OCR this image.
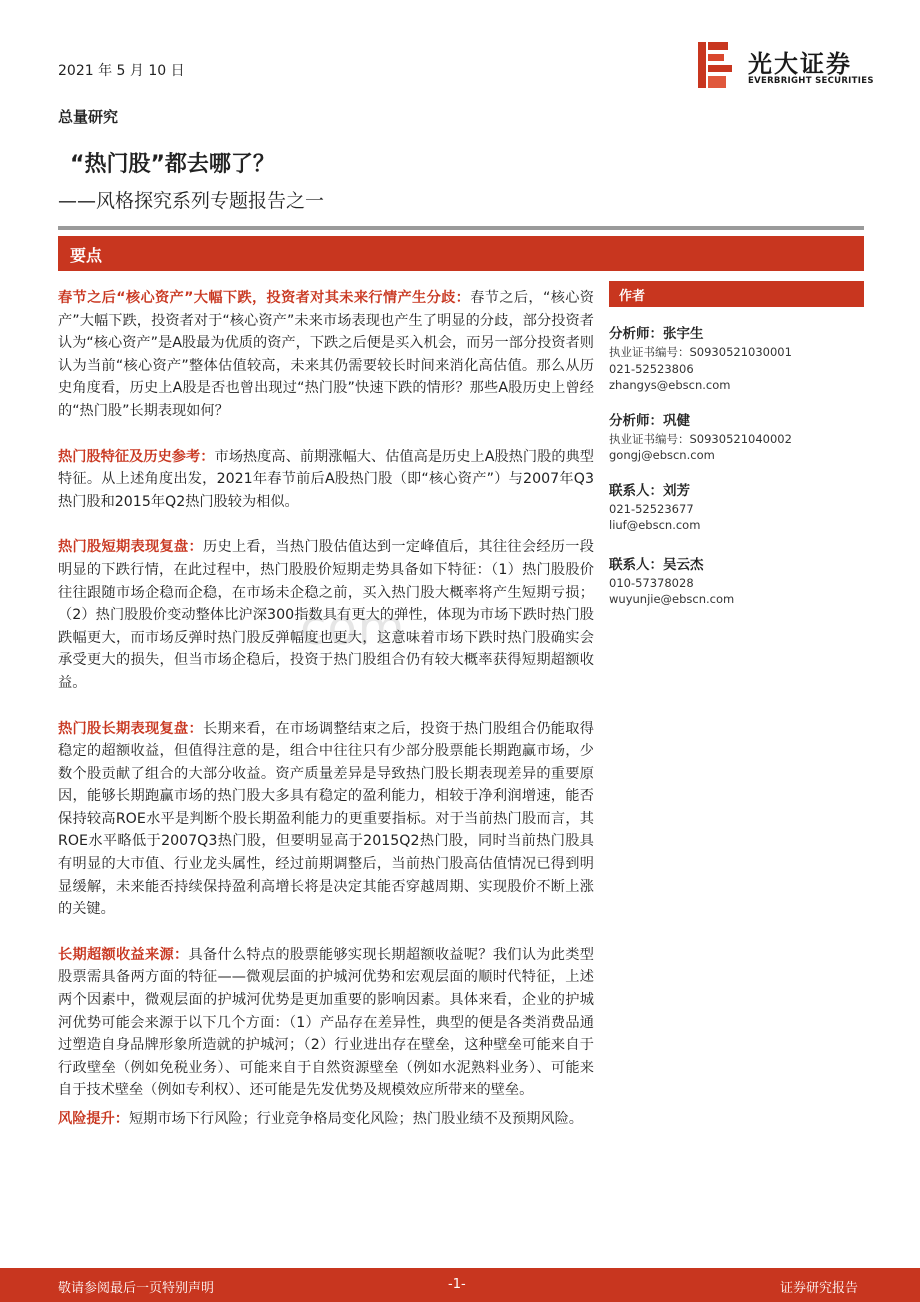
2021 年 5 月 10 日	光大证券
EVERBRIGHT SECURITIES
总量研究
“热门股”都去哪了？
——风格探究系列专题报告之一
要点
com

春节之后“核心资产”大幅下跌，投资者对其未来行情产生分歧：春节之后，“核心资产”大幅下跌，投资者对于“核心资产”未来市场表现也产生了明显的分歧，部分投资者认为“核心资产”是A股最为优质的资产，下跌之后便是买入机会，而另一部分投资者则认为当前“核心资产”整体估值较高，未来其仍需要较长时间来消化高估值。那么从历史角度看，历史上A股是否也曾出现过“热门股”快速下跌的情形？那些A股历史上曾经的“热门股”长期表现如何？

热门股特征及历史参考：市场热度高、前期涨幅大、估值高是历史上A股热门股的典型特征。从上述角度出发，2021年春节前后A股热门股（即“核心资产”）与2007年Q3热门股和2015年Q2热门股较为相似。

热门股短期表现复盘：历史上看，当热门股估值达到一定峰值后，其往往会经历一段明显的下跌行情，在此过程中，热门股股价短期走势具备如下特征：（1）热门股股价往往跟随市场企稳而企稳，在市场未企稳之前，买入热门股大概率将产生短期亏损；（2）热门股股价变动整体比沪深300指数具有更大的弹性，体现为市场下跌时热门股跌幅更大，而市场反弹时热门股反弹幅度也更大，这意味着市场下跌时热门股确实会承受更大的损失，但当市场企稳后，投资于热门股组合仍有较大概率获得短期超额收益。

热门股长期表现复盘：长期来看，在市场调整结束之后，投资于热门股组合仍能取得稳定的超额收益，但值得注意的是，组合中往往只有少部分股票能长期跑赢市场，少数个股贡献了组合的大部分收益。资产质量差异是导致热门股长期表现差异的重要原因，能够长期跑赢市场的热门股大多具有稳定的盈利能力，相较于净利润增速，能否保持较高ROE水平是判断个股长期盈利能力的更重要指标。对于当前热门股而言，其ROE水平略低于2007Q3热门股，但要明显高于2015Q2热门股，同时当前热门股具有明显的大市值、行业龙头属性，经过前期调整后，当前热门股高估值情况已得到明显缓解，未来能否持续保持盈利高增长将是决定其能否穿越周期、实现股价不断上涨的关键。

长期超额收益来源：具备什么特点的股票能够实现长期超额收益呢？我们认为此类型股票需具备两方面的特征——微观层面的护城河优势和宏观层面的顺时代特征，上述两个因素中，微观层面的护城河优势是更加重要的影响因素。具体来看，企业的护城河优势可能会来源于以下几个方面：（1）产品存在差异性，典型的便是各类消费品通过塑造自身品牌形象所造就的护城河；（2）行业进出存在壁垒，这种壁垒可能来自于行政壁垒（例如免税业务）、可能来自于自然资源壁垒（例如水泥熟料业务）、可能来自于技术壁垒（例如专利权）、还可能是先发优势及规模效应所带来的壁垒。

风险提升：短期市场下行风险；行业竞争格局变化风险；热门股业绩不及预期风险。

作者
分析师：张宇生
执业证书编号：S0930521030001
021-52523806
zhangys@ebscn.com
分析师：巩健
执业证书编号：S0930521040002
gongj@ebscn.com
联系人：刘芳
021-52523677
liuf@ebscn.com
联系人：吴云杰
010-57378028
wuyunjie@ebscn.com
敬请参阅最后一页特别声明	-1-	证券研究报告
